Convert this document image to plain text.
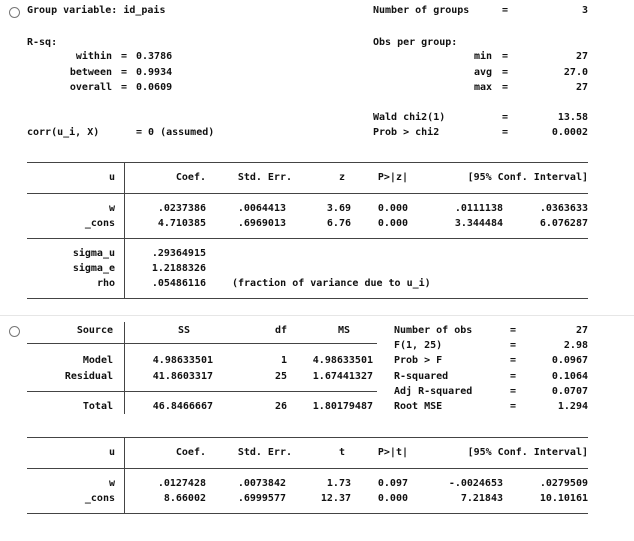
Group variable: id_pais	Number of groups	=	3
R-sq:	Obs per group:
within = 0.3786
between = 0.9934
overall = 0.0609
min =	27
avg =	27.0
max =	27
Wald chi2(1)	=	13.58
corr(u_i, X)	= 0 (assumed)	Prob > chi2	=	0.0002
u	Coef.	Std. Err.	z	P>|z|	[95% Conf. Interval]
w	.0237386	.0064413	3.69	0.000	.0111138	.0363633
_cons	4.710385	.6969013	6.76	0.000	3.344484	6.076287
sigma_u	.29364915
sigma_e	1.2188326
rho	.05486116	(fraction of variance due to u_i)
Source	SS	df	MS
Model	4.98633501	1	4.98633501
Residual	41.8603317	25	1.67441327
Total	46.8466667	26	1.80179487
Number of obs	=	27
F(1, 25)	=	2.98
Prob > F	=	0.0967
R-squared	=	0.1064
Adj R-squared	=	0.0707
Root MSE	=	1.294
u	Coef.	Std. Err.	t	P>|t|	[95% Conf. Interval]
w	.0127428	.0073842	1.73	0.097	-.0024653	.0279509
_cons	8.66002	.6999577	12.37	0.000	7.21843	10.10161
